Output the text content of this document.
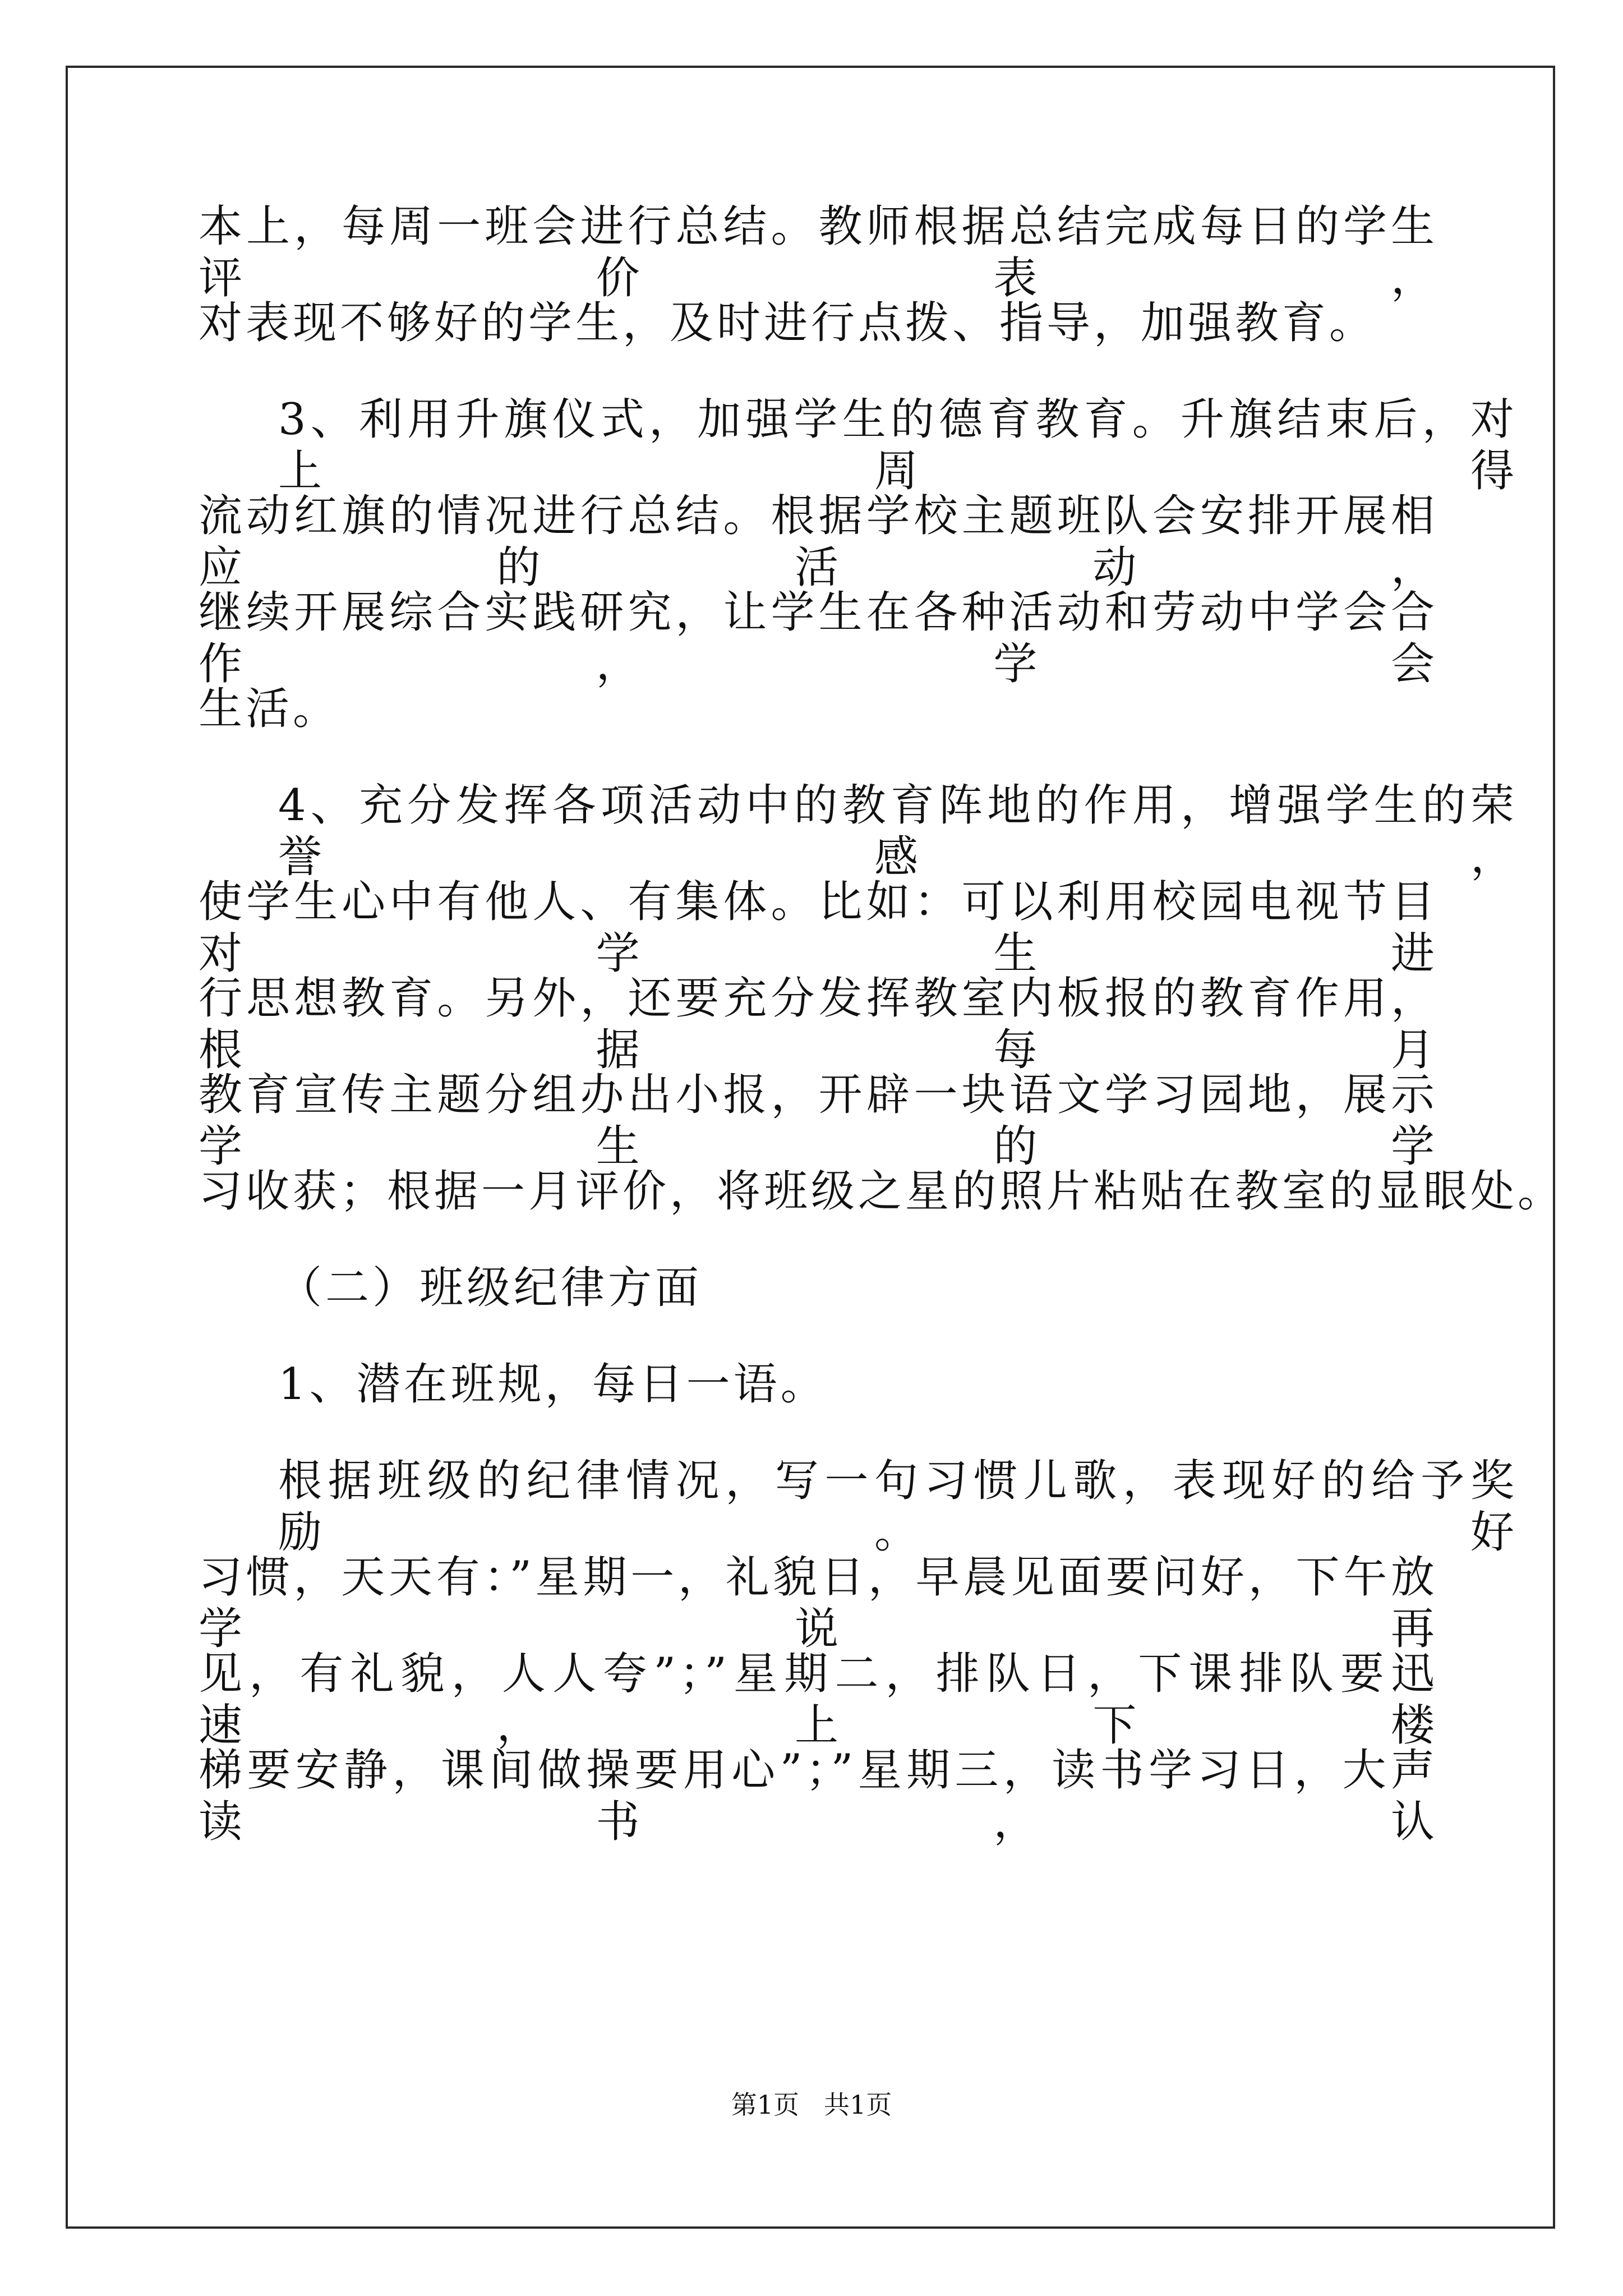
本上，每周一班会进行总结。教师根据总结完成每日的学生评价表，
对表现不够好的学生，及时进行点拨、指导，加强教育。
3、利用升旗仪式，加强学生的德育教育。升旗结束后，对上周得
流动红旗的情况进行总结。根据学校主题班队会安排开展相应的活动，
继续开展综合实践研究，让学生在各种活动和劳动中学会合作，学会
生活。
4、充分发挥各项活动中的教育阵地的作用，增强学生的荣誉感，
使学生心中有他人、有集体。比如：可以利用校园电视节目对学生进
行思想教育。另外，还要充分发挥教室内板报的教育作用，根据每月
教育宣传主题分组办出小报，开辟一块语文学习园地，展示学生的学
习收获；根据一月评价，将班级之星的照片粘贴在教室的显眼处。
（二）班级纪律方面
1、潜在班规，每日一语。
根据班级的纪律情况，写一句习惯儿歌，表现好的给予奖励。好
习惯，天天有：”星期一，礼貌日，早晨见面要问好，下午放学说再
见，有礼貌，人人夸”；”星期二，排队日，下课排队要迅速，上下楼
梯要安静，课间做操要用心”；”星期三，读书学习日，大声读书，认
第1页 共1页
